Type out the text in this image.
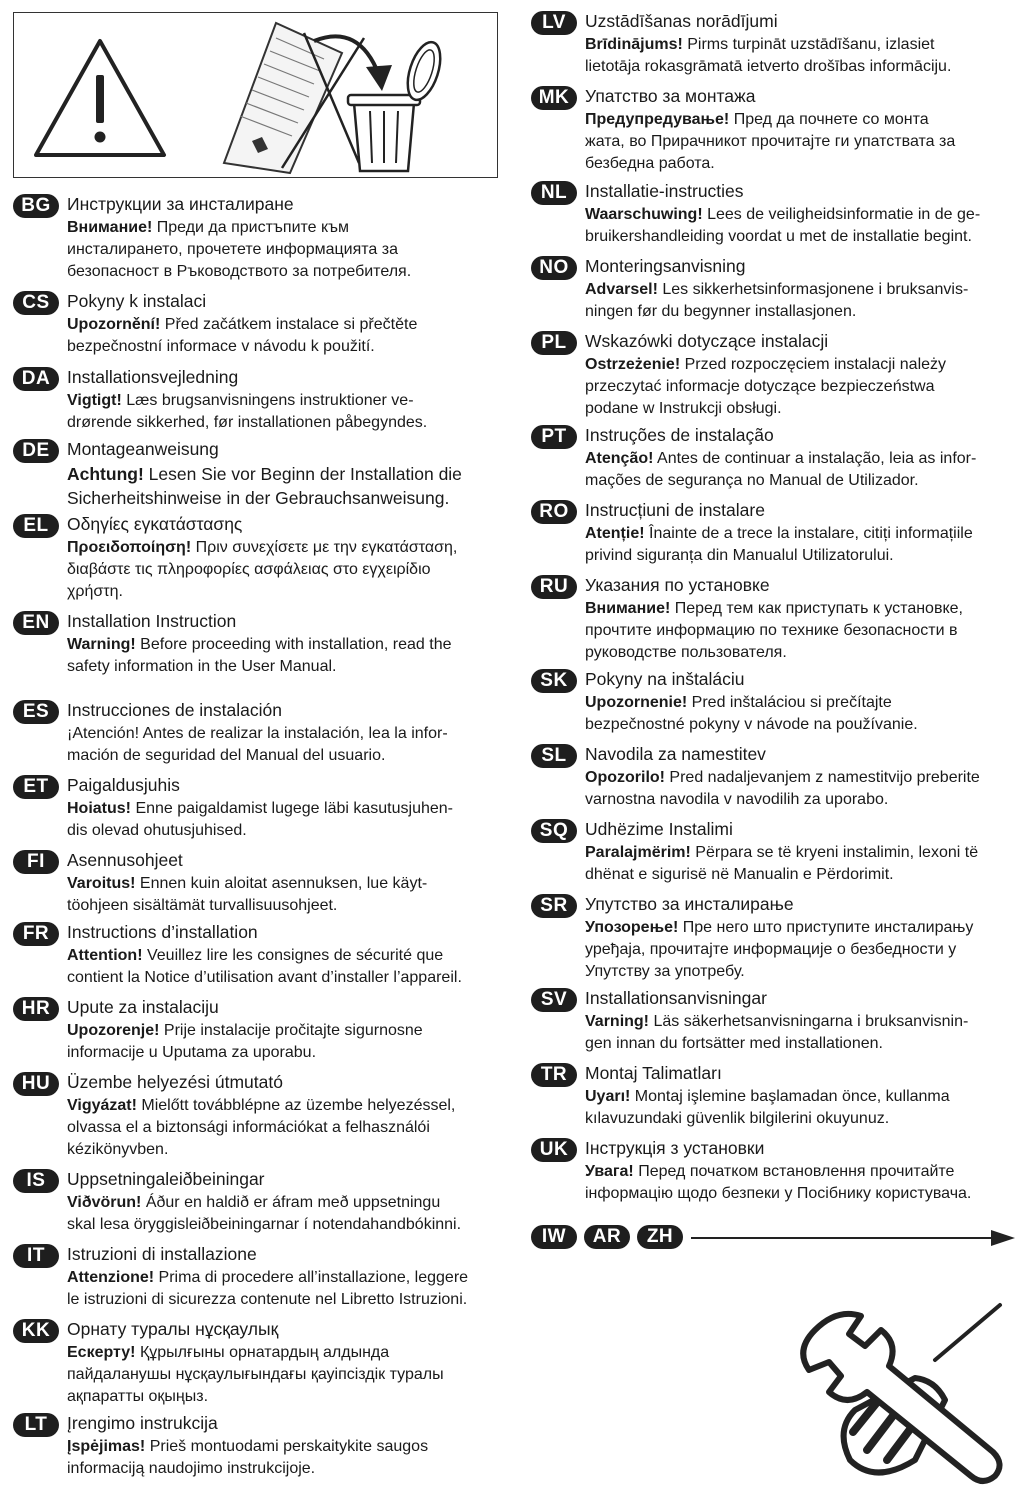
BG Инструкции за инсталиране
Внимание! Преди да пристъпите към
инсталирането, прочетете информацията за
безопасност в Ръководството за потребителя.
CS Pokyny k instalaci
Upozornění! Před začátkem instalace si přečtěte
bezpečnostní informace v návodu k použití.
DA Installationsvejledning
Vigtigt! Læs brugsanvisningens instruktioner ve-
drørende sikkerhed, før installationen påbegyndes.
DE Montageanweisung
Achtung! Lesen Sie vor Beginn der Installation die
Sicherheitshinweise in der Gebrauchsanweisung.
EL	Οδηγίες εγκατάστασης
Προειδοποίηση! Πριν συνεχίσετε με την εγκατάσταση,
διαβάστε τις πληροφορίες ασφάλειας στο εγχειρίδιο
χρήστη.
EN Installation Instruction
Warning! Before proceeding with installation, read the
safety information in the User Manual.
ES	Instrucciones de instalación
¡Atención! Antes de realizar la instalación, lea la infor-
mación de seguridad del Manual del usuario.
ET	Paigaldusjuhis
Hoiatus! Enne paigaldamist lugege läbi kasutusjuhen-
dis olevad ohutusjuhised.
FI	Asennusohjeet
Varoitus! Ennen kuin aloitat asennuksen, lue käyt-
töohjeen sisältämät turvallisuusohjeet.
FR	Instructions d’installation
Attention! Veuillez lire les consignes de sécurité que
contient la Notice d’utilisation avant d’installer l’appareil.
HR Upute za instalaciju
Upozorenje! Prije instalacije pročitajte sigurnosne
informacije u Uputama za uporabu.
HU Üzembe helyezési útmutató
Vigyázat! Mielőtt továbblépne az üzembe helyezéssel,
olvassa el a biztonsági információkat a felhasználói
kézikönyvben.
IS	Uppsetningaleiðbeiningar
Viðvörun! Áður en haldið er áfram með uppsetningu
skal lesa öryggisleiðbeiningarnar í notendahandbókinni.
IT	Istruzioni di installazione
Attenzione! Prima di procedere all’installazione, leggere
le istruzioni di sicurezza contenute nel Libretto Istruzioni.
KK Орнату туралы нұсқаулық
Ескерту! Құрылғыны орнатардың алдында
пайдаланушы нұсқаулығындағы қауіпсіздік туралы
ақпаратты оқыңыз.
LT	Įrengimo instrukcija
Įspėjimas! Prieš montuodami perskaitykite saugos
informaciją naudojimo instrukcijoje.
LV	Uzstādīšanas norādījumi
Brīdinājums! Pirms turpināt uzstādīšanu, izlasiet
lietotāja rokasgrāmatā ietverto drošības informāciju.
MK Упатство за монтажа
Предупредување! Пред да почнете со монта
жата, во Прирачникот прочитајте ги упатствата за
безбедна работа.
NL	Installatie-instructies
Waarschuwing! Lees de veiligheidsinformatie in de ge-
bruikershandleiding voordat u met de installatie begint.
NO Monteringsanvisning
Advarsel! Les sikkerhetsinformasjonene i bruksanvis-
ningen før du begynner installasjonen.
PL	Wskazówki dotyczące instalacji
Ostrzeżenie! Przed rozpoczęciem instalacji należy
przeczytać informacje dotyczące bezpieczeństwa
podane w Instrukcji obsługi.
PT	Instruções de instalação
Atenção! Antes de continuar a instalação, leia as infor-
mações de segurança no Manual de Utilizador.
RO Instrucțiuni de instalare
Atenție! Înainte de a trece la instalare, citiți informațiile
privind siguranța din Manualul Utilizatorului.
RU Указания по установке
Внимание! Перед тем как приступать к установке,
прочтите информацию по технике безопасности в
руководстве пользователя.
SK Pokyny na inštaláciu
Upozornenie! Pred inštaláciou si prečítajte
bezpečnostné pokyny v návode na používanie.
SL	Navodila za namestitev
Opozorilo! Pred nadaljevanjem z namestitvijo preberite
varnostna navodila v navodilih za uporabo.
SQ Udhëzime Instalimi
Paralajmërim! Përpara se të kryeni instalimin, lexoni të
dhënat e sigurisë në Manualin e Përdorimit.
SR Упутство за инсталирање
Упозорење! Пре него што приступите инсталирању
уређаја, прочитајте информације о безбедности у
Упутству за употребу.
SV	Installationsanvisningar
Varning! Läs säkerhetsanvisningarna i bruksanvisnin-
gen innan du fortsätter med installationen.
TR	Montaj Talimatları
Uyarı! Montaj işlemine başlamadan önce, kullanma
kılavuzundaki güvenlik bilgilerini okuyunuz.
UK Інструкція з установки
Увага! Перед початком встановлення прочитайте
інформацію щодо безпеки у Посібнику користувача.
IW	AR	ZH
